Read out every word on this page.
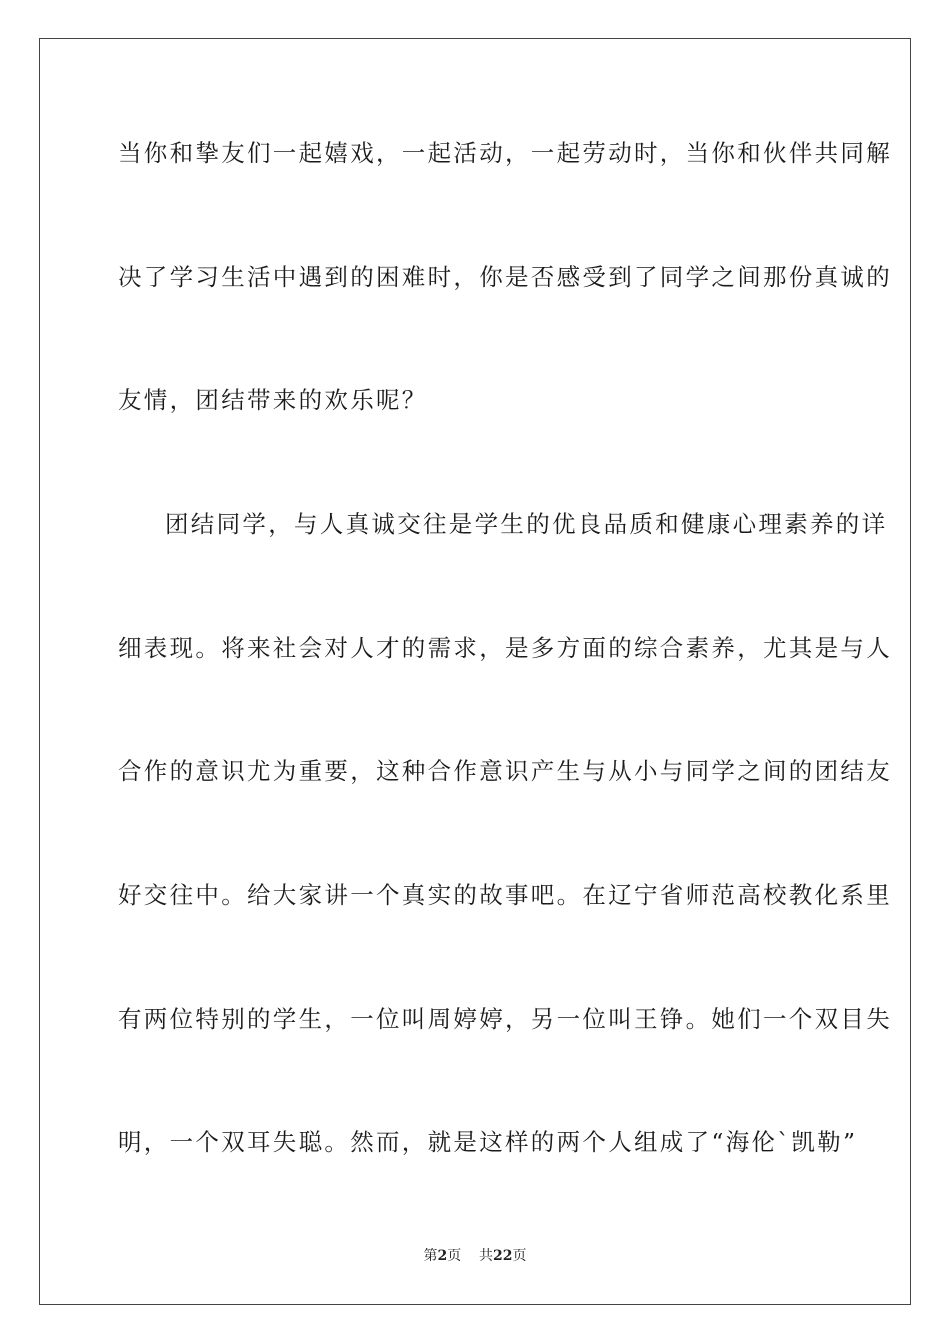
当你和挚友们一起嬉戏，一起活动，一起劳动时，当你和伙伴共同解
决了学习生活中遇到的困难时，你是否感受到了同学之间那份真诚的
友情，团结带来的欢乐呢？
团结同学，与人真诚交往是学生的优良品质和健康心理素养的详
细表现。将来社会对人才的需求，是多方面的综合素养，尤其是与人
合作的意识尤为重要，这种合作意识产生与从小与同学之间的团结友
好交往中。给大家讲一个真实的故事吧。在辽宁省师范高校教化系里
有两位特别的学生，一位叫周婷婷，另一位叫王铮。她们一个双目失
明，一个双耳失聪。然而，就是这样的两个人组成了“海伦`凯勒”
第2页 共22页
